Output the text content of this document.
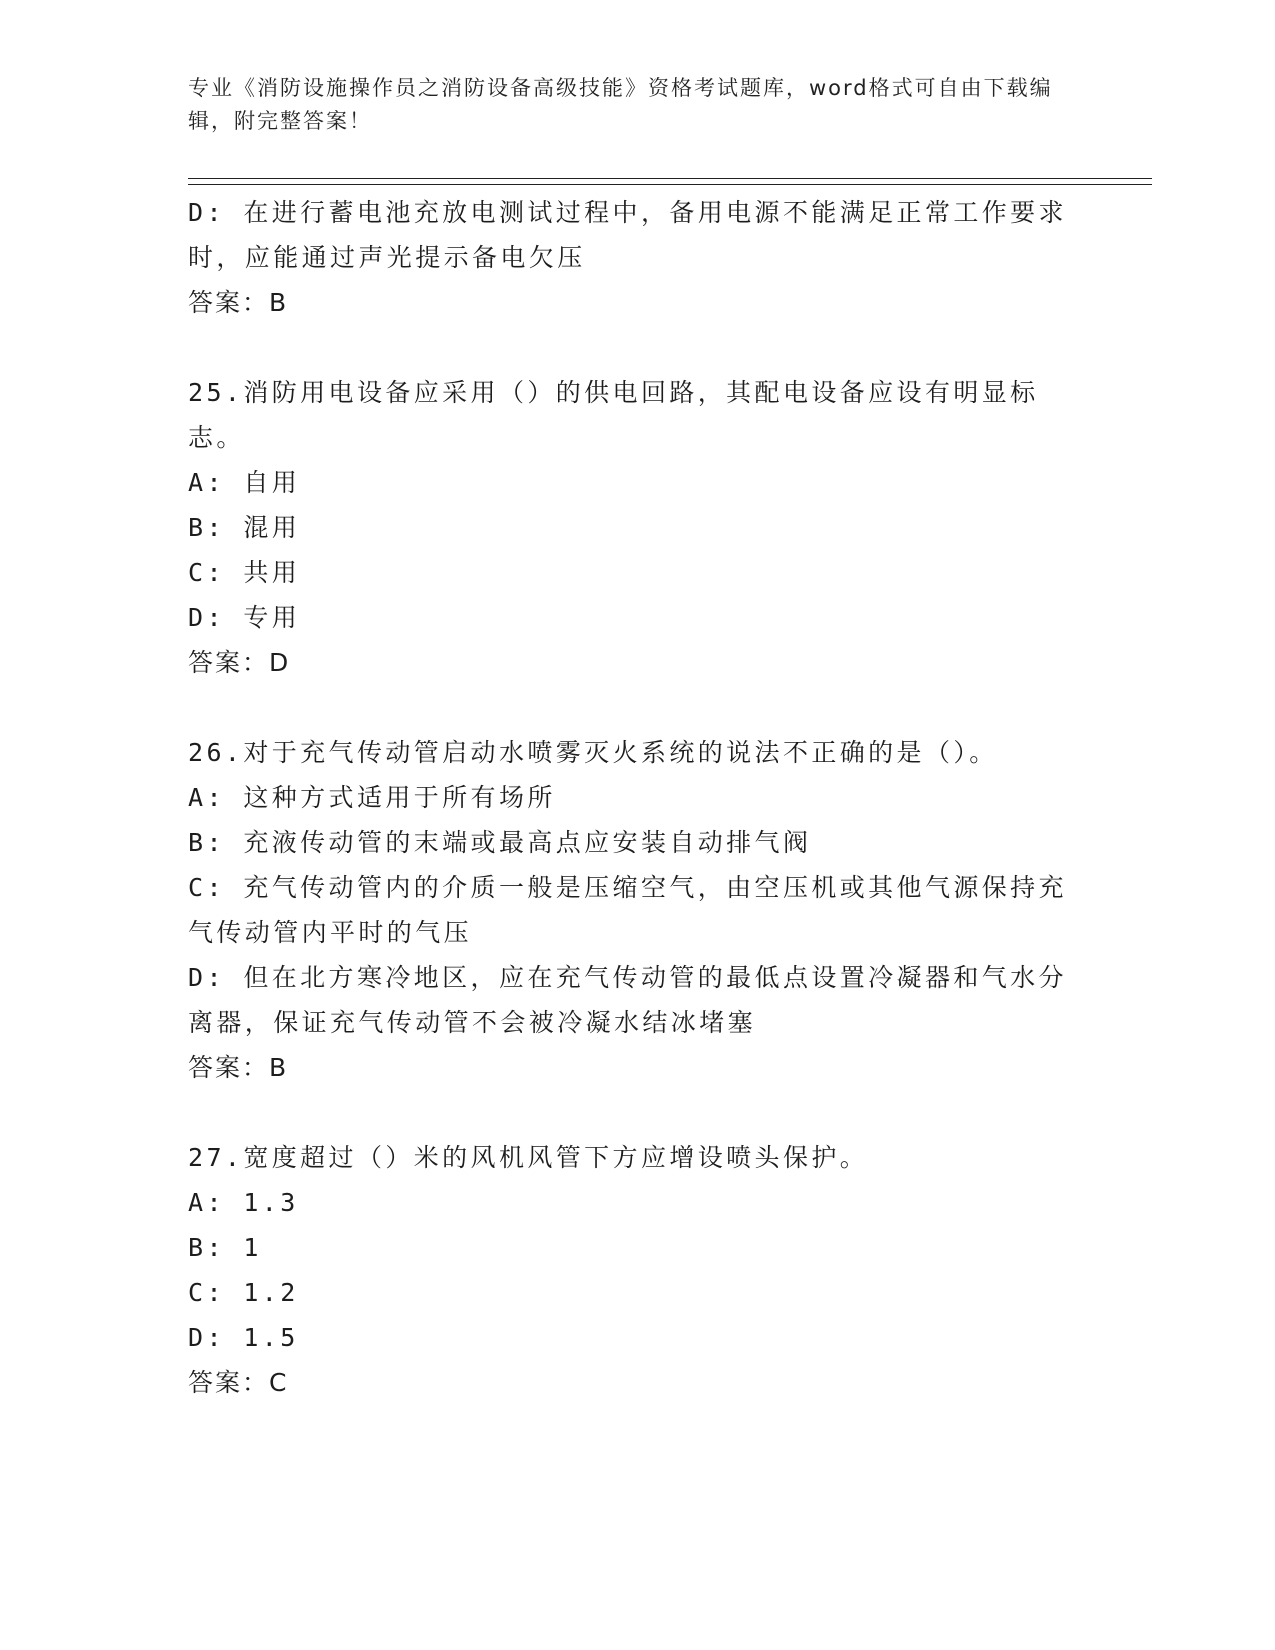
专业《消防设施操作员之消防设备高级技能》资格考试题库，word格式可自由下载编辑，附完整答案！
D: 在进行蓄电池充放电测试过程中，备用电源不能满足正常工作要求时，应能通过声光提示备电欠压
答案：B
25.消防用电设备应采用（）的供电回路，其配电设备应设有明显标志。
A: 自用
B: 混用
C: 共用
D: 专用
答案：D
26.对于充气传动管启动水喷雾灭火系统的说法不正确的是（）。
A: 这种方式适用于所有场所
B: 充液传动管的末端或最高点应安装自动排气阀
C: 充气传动管内的介质一般是压缩空气，由空压机或其他气源保持充气传动管内平时的气压
D: 但在北方寒冷地区，应在充气传动管的最低点设置冷凝器和气水分离器，保证充气传动管不会被冷凝水结冰堵塞
答案：B
27.宽度超过（）米的风机风管下方应增设喷头保护。
A: 1.3
B: 1
C: 1.2
D: 1.5
答案：C
